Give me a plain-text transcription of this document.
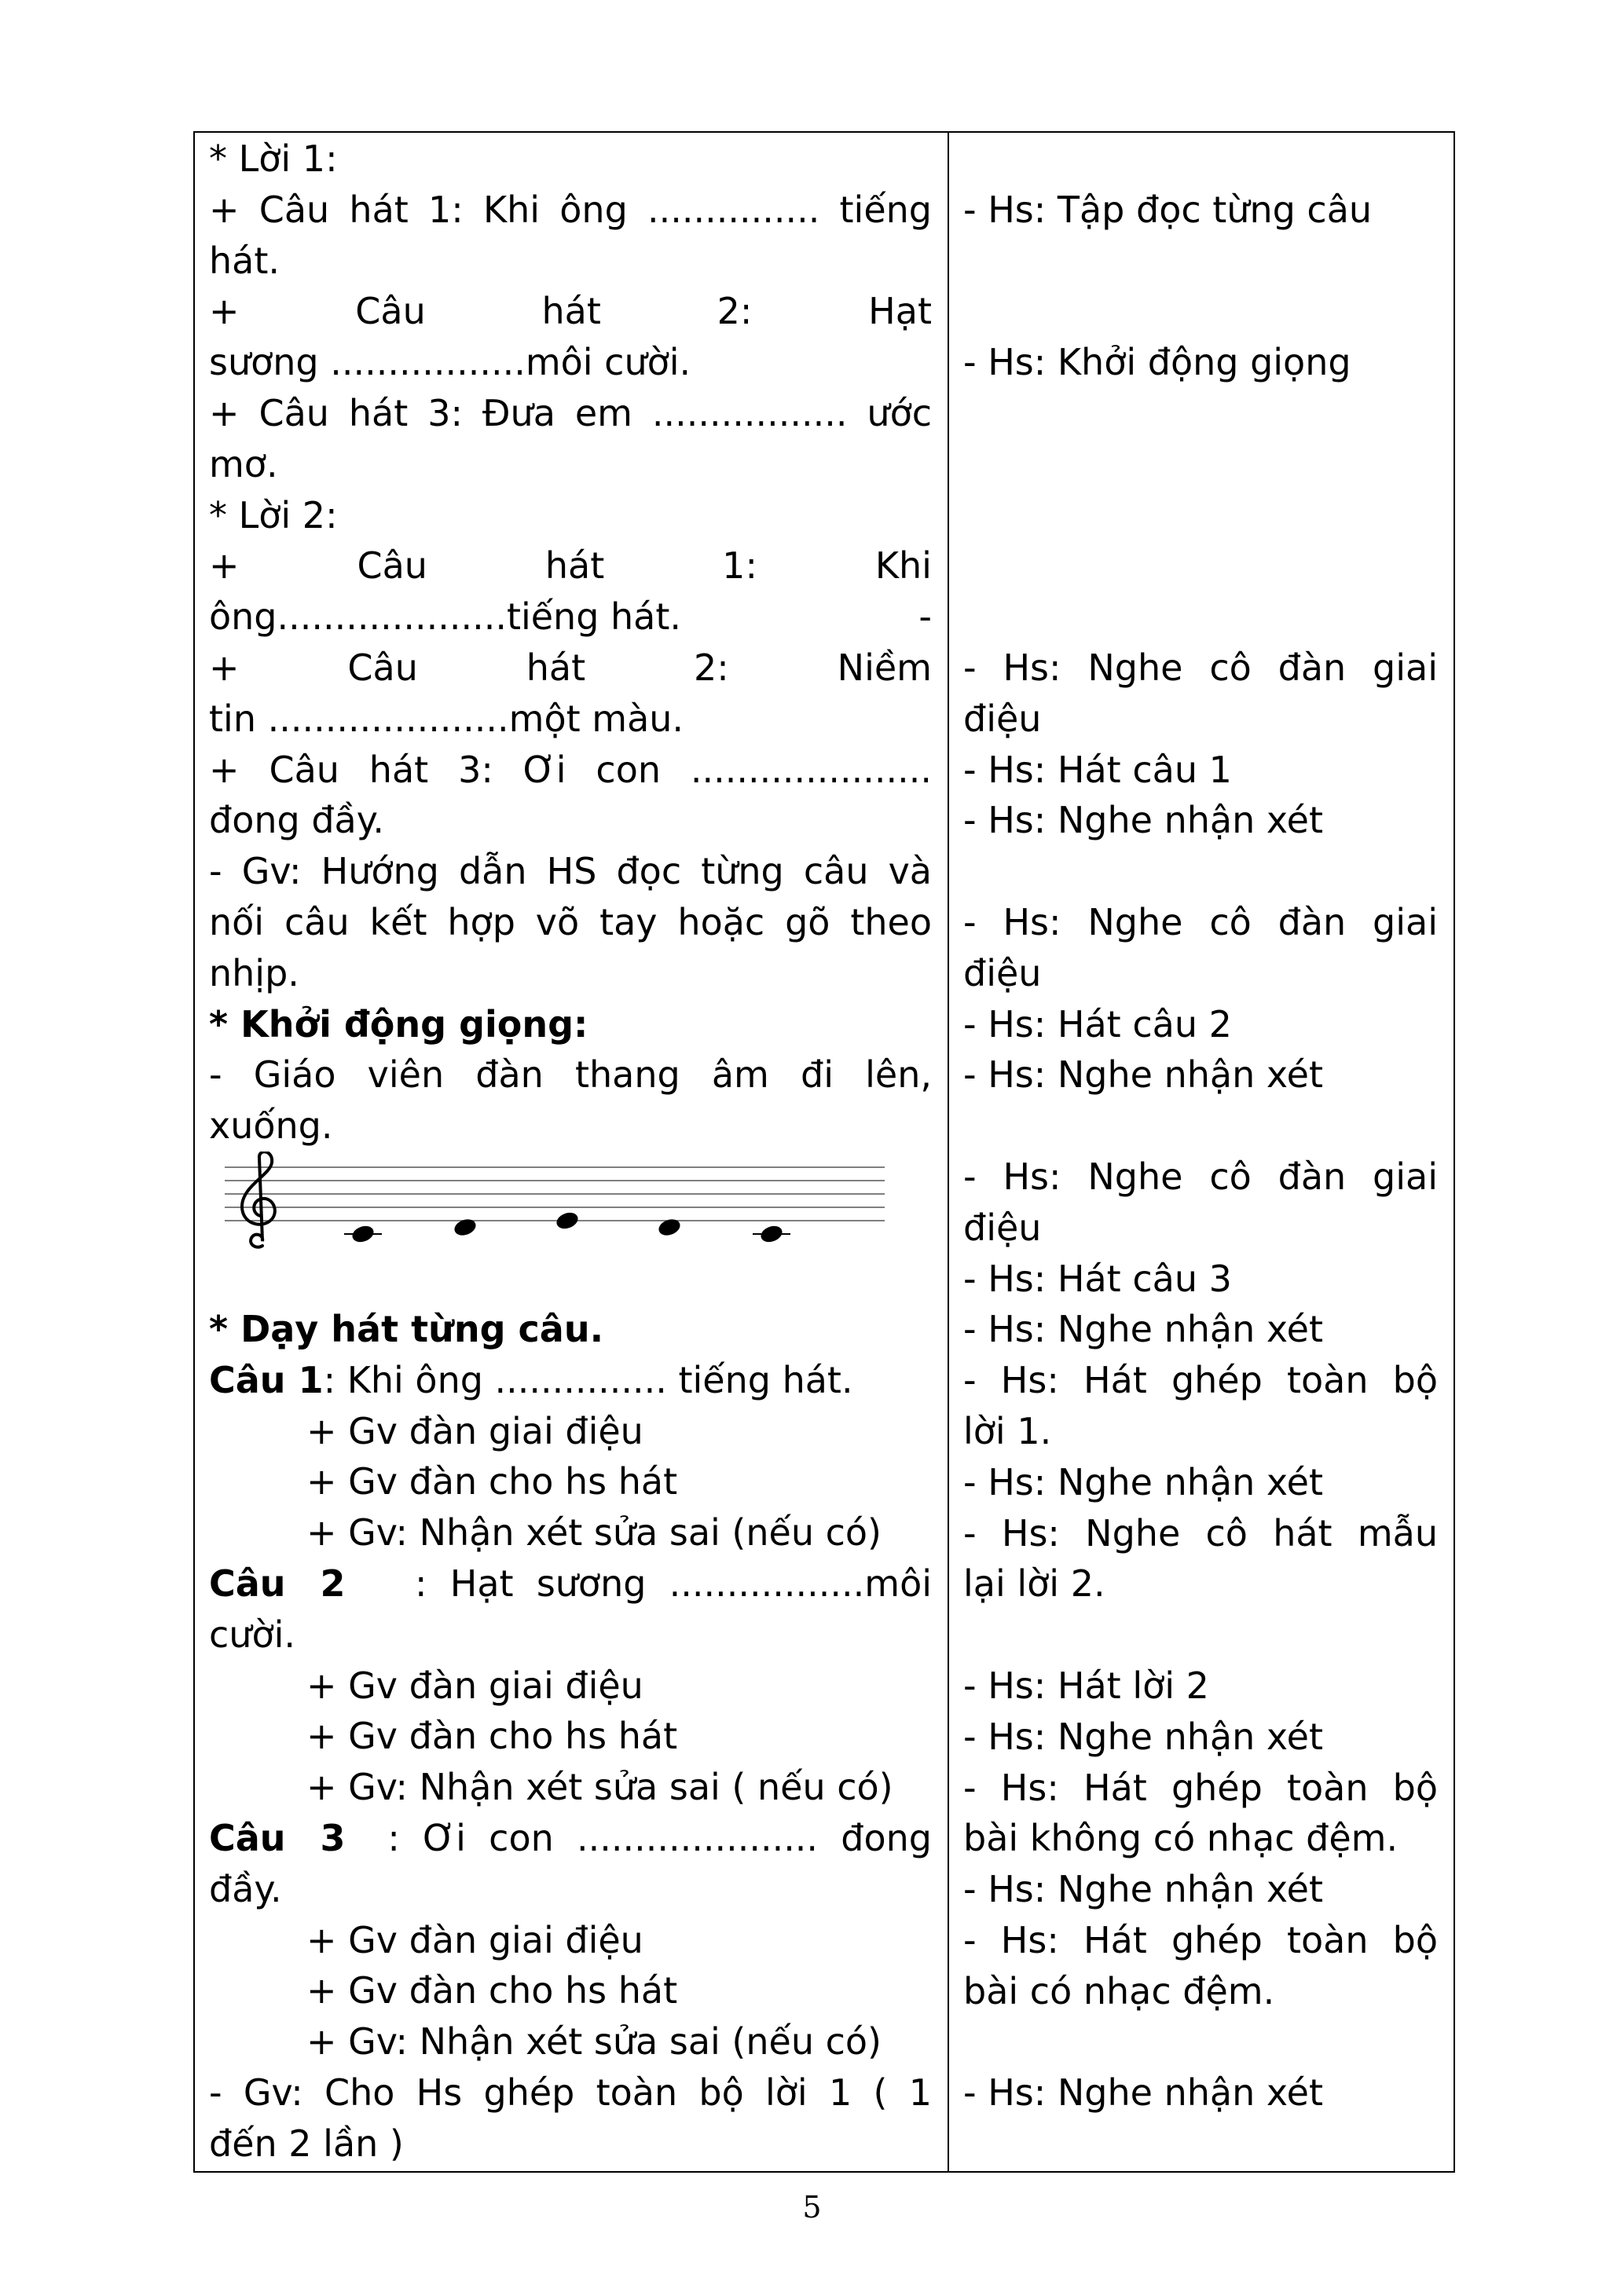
* Lời 1:
+ Câu hát 1: Khi ông ............... tiếng
hát.
+	Câu	hát	2:	Hạt
sương .................môi cười.
+ Câu hát 3: Đưa em ................. ước
mơ.
* Lời 2:
+	Câu	hát	1:	Khi
ông....................tiếng hát.	-
+	Câu	hát	2:	Niềm
tin .....................một màu.
+ Câu hát 3: Ơi con .....................
đong đầy.
- Gv: Hướng dẫn HS đọc từng câu và
nối câu kết hợp võ tay hoặc gõ theo
nhịp.
* Khởi động giọng:
- Giáo viên đàn thang âm đi lên,
xuống.
* Dạy hát từng câu.
Câu 1: Khi ông ............... tiếng hát.
+ Gv đàn giai điệu
+ Gv đàn cho hs hát
+ Gv: Nhận xét sửa sai (nếu có)
Câu 2 :  Hạt  sương  .................môi
cười.
+ Gv đàn giai điệu
+ Gv đàn cho hs hát
+ Gv: Nhận xét sửa sai ( nếu có)
Câu 3 :  Ơi  con  .....................  đong
đầy.
+ Gv đàn giai điệu
+ Gv đàn cho hs hát
+ Gv: Nhận xét sửa sai (nếu có)
- Gv: Cho Hs ghép toàn bộ lời 1 ( 1
đến 2 lần )
- Hs: Tập đọc từng câu
- Hs: Khởi động giọng
- Hs: Nghe cô đàn giai
điệu
- Hs: Hát câu 1
- Hs: Nghe nhận xét
- Hs: Nghe cô đàn giai
điệu
- Hs: Hát câu 2
- Hs: Nghe nhận xét
- Hs: Nghe cô đàn giai
điệu
- Hs: Hát câu 3
- Hs: Nghe nhận xét
- Hs: Hát ghép toàn bộ
lời 1.
- Hs: Nghe nhận xét
- Hs: Nghe cô hát mẫu
lại lời 2.
- Hs: Hát lời 2
- Hs: Nghe nhận xét
- Hs: Hát ghép toàn bộ
bài không có nhạc đệm.
- Hs: Nghe nhận xét
- Hs: Hát ghép toàn bộ
bài có nhạc đệm.
- Hs: Nghe nhận xét
5
